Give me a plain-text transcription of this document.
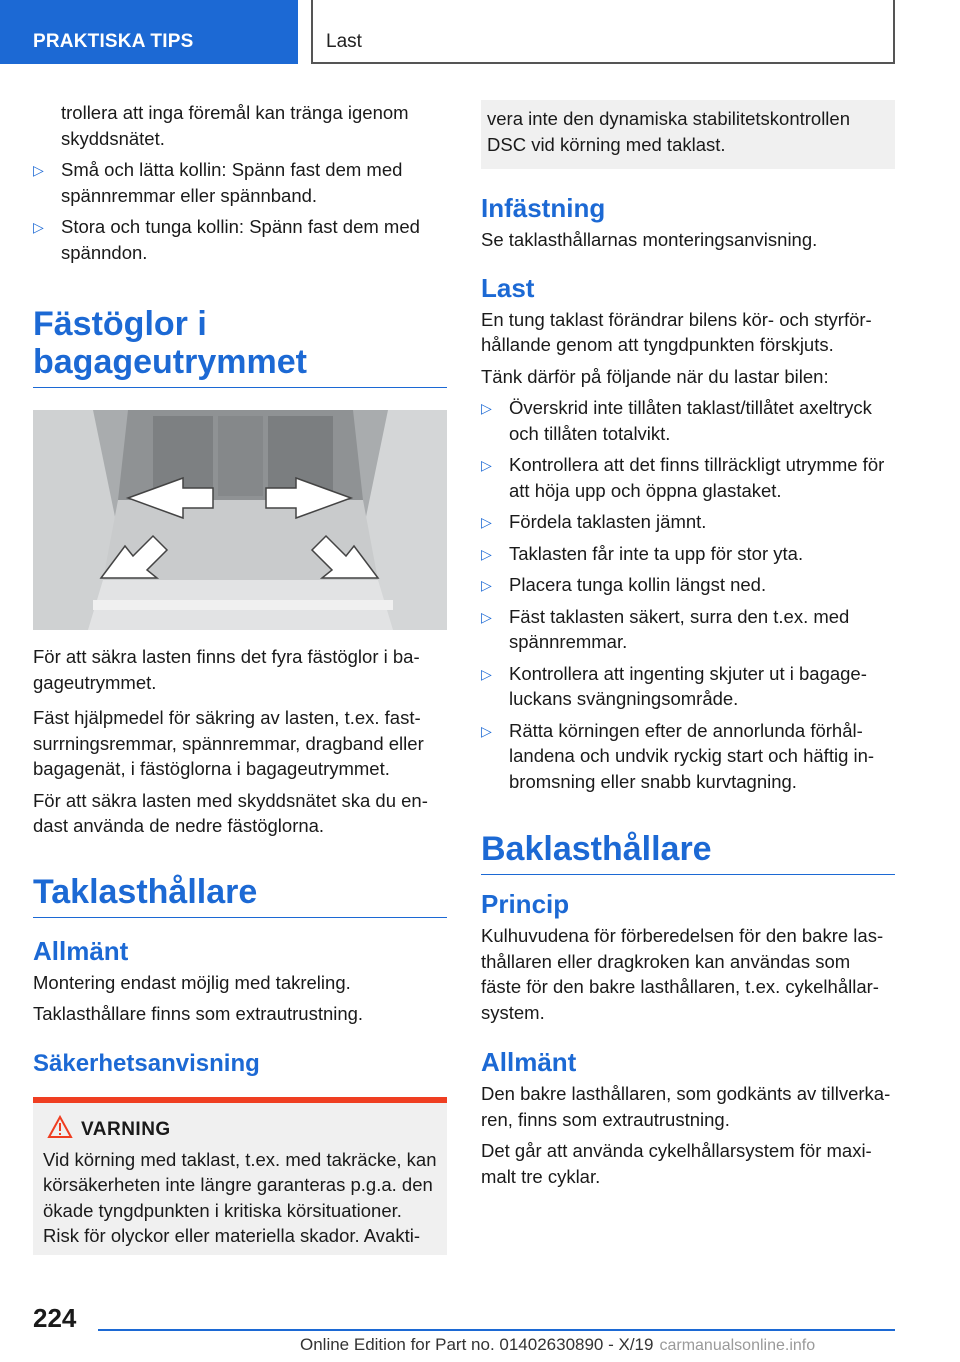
PRAKTISKA TIPS	Last
trollera att inga föremål kan tränga igenom skyddsnätet.
▷ Små och lätta kollin: Spänn fast dem med spännremmar eller spännband.
▷ Stora och tunga kollin: Spänn fast dem med spänndon.
Fästöglor i bagageutrymmet

För att säkra lasten finns det fyra fästöglor i ba-gageutrymmet.

Fäst hjälpmedel för säkring av lasten, t.ex. fast-surrningsremmar, spännremmar, dragband eller bagagenät, i fästöglorna i bagageutrymmet.

För att säkra lasten med skyddsnätet ska du en-dast använda de nedre fästöglorna.

Taklasthållare
Allmänt

Montering endast möjlig med takreling.

Taklasthållare finns som extrautrustning.

Säkerhetsanvisning
VARNING
Vid körning med taklast, t.ex. med takräcke, kan körsäkerheten inte längre garanteras p.g.a. den ökade tyngdpunkten i kritiska körsituationer. Risk för olyckor eller materiella skador. Avakti-
vera inte den dynamiska stabilitetskontrollen DSC vid körning med taklast.
Infästning

Se taklasthållarnas monteringsanvisning.

Last

En tung taklast förändrar bilens kör- och styrför-hållande genom att tyngdpunkten förskjuts.

Tänk därför på följande när du lastar bilen:

▷ Överskrid inte tillåten taklast/tillåtet axeltryck och tillåten totalvikt.
▷ Kontrollera att det finns tillräckligt utrymme för att höja upp och öppna glastaket.
▷ Fördela taklasten jämnt.
▷ Taklasten får inte ta upp för stor yta.
▷ Placera tunga kollin längst ned.
▷ Fäst taklasten säkert, surra den t.ex. med spännremmar.
▷ Kontrollera att ingenting skjuter ut i bagage-luckans svängningsområde.
▷ Rätta körningen efter de annorlunda förhål-landena och undvik ryckig start och häftig in-bromsning eller snabb kurvtagning.
Baklasthållare
Princip

Kulhuvudena för förberedelsen för den bakre las-thållaren eller dragkroken kan användas som fäste för den bakre lasthållaren, t.ex. cykelhållar-system.

Allmänt

Den bakre lasthållaren, som godkänts av tillverka-ren, finns som extrautrustning.

Det går att använda cykelhållarsystem för maxi-malt tre cyklar.

224
Online Edition for Part no. 01402630890 - X/19 carmanualsonline.info
